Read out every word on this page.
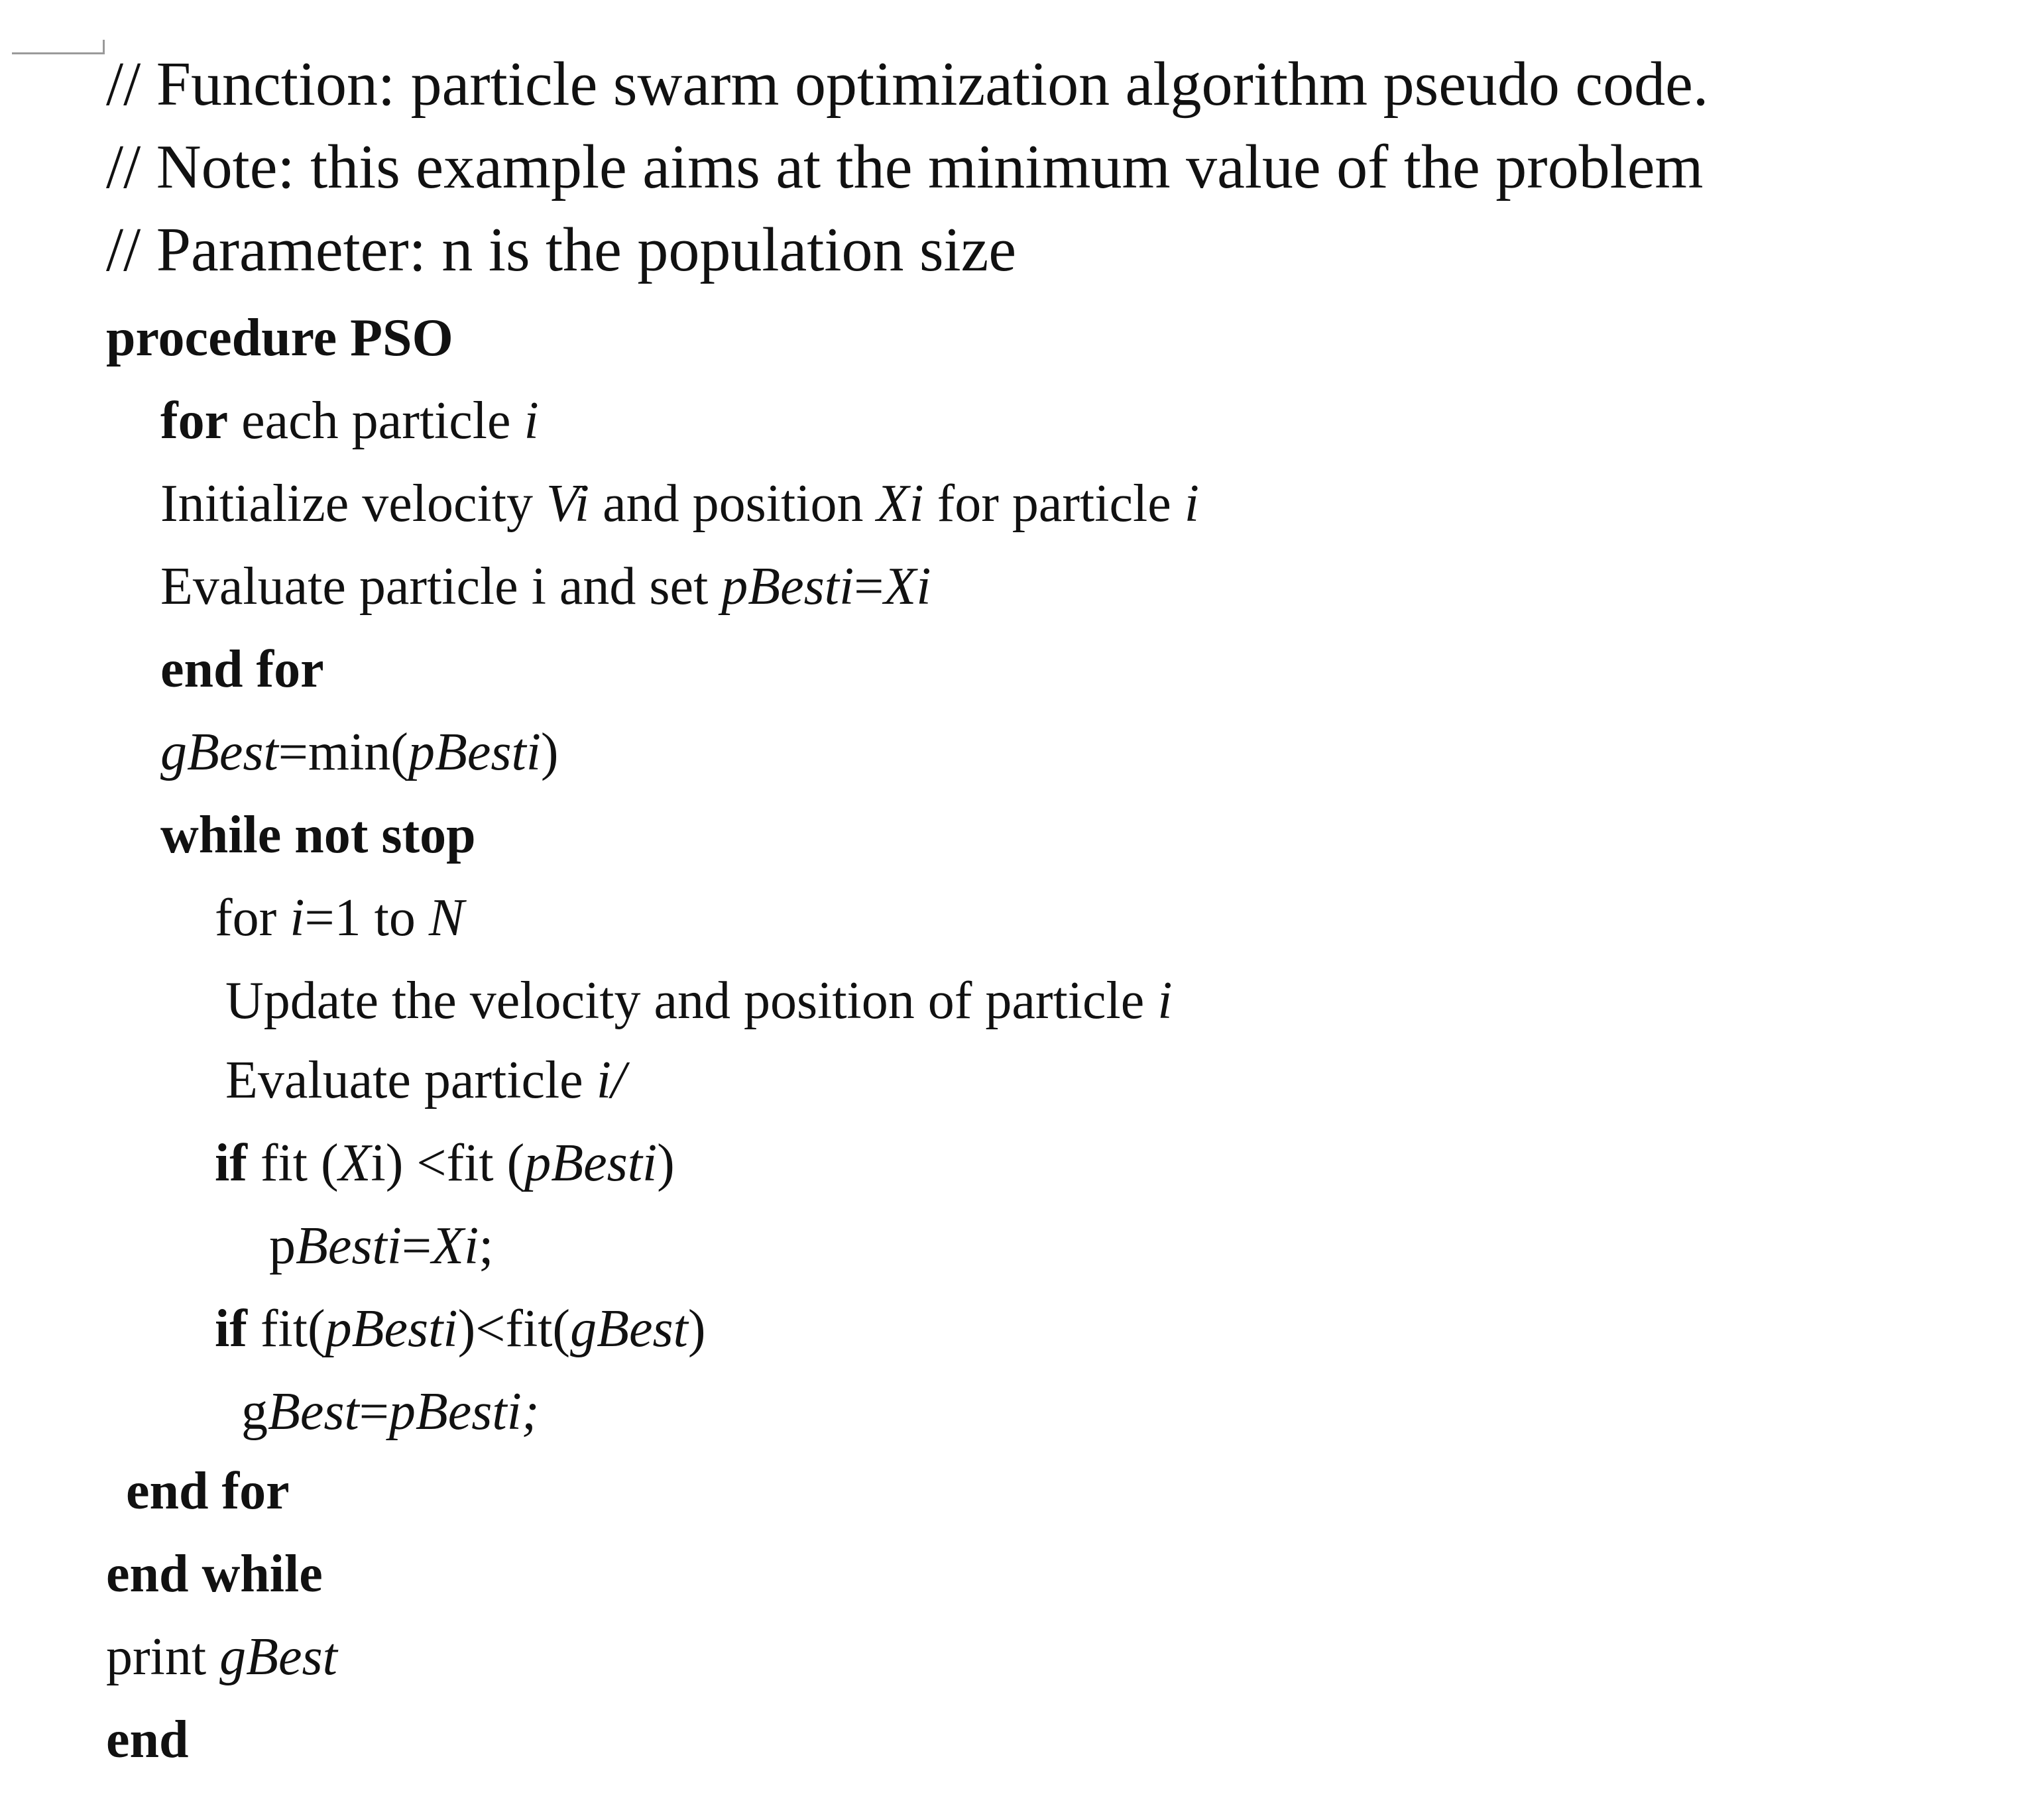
// Function: particle swarm optimization algorithm pseudo code.
// Note: this example aims at the minimum value of the problem
// Parameter: n is the population size
procedure PSO
for each particle i
Initialize velocity Vi and position Xi for particle i
Evaluate particle i and set pBesti=Xi
end for
gBest=min(pBesti)
while not stop
for i=1 to N
Update the velocity and position of particle i
Evaluate particle i/
if fit (Xi) <fit (pBesti)
pBesti=Xi;
if fit(pBesti)<fit(gBest)
gBest=pBesti;
end for
end while
print gBest
end
